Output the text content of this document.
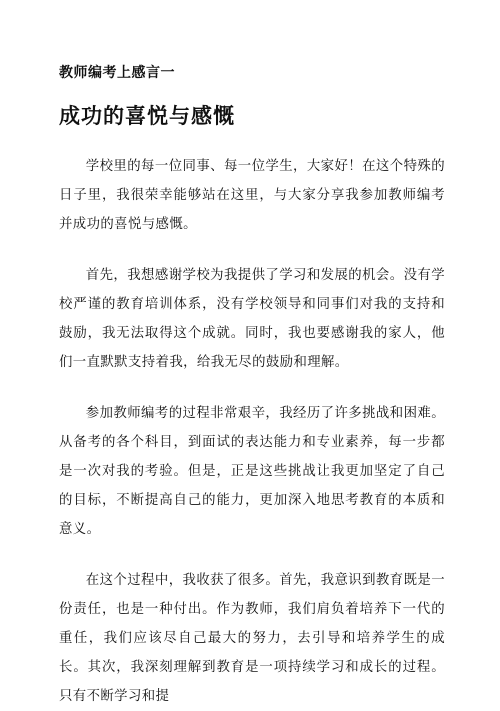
教师编考上感言一
成功的喜悦与感慨

学校里的每一位同事、每一位学生，大家好！在这个特殊的日子里，我很荣幸能够站在这里，与大家分享我参加教师编考并成功的喜悦与感慨。

首先，我想感谢学校为我提供了学习和发展的机会。没有学校严谨的教育培训体系，没有学校领导和同事们对我的支持和鼓励，我无法取得这个成就。同时，我也要感谢我的家人，他们一直默默支持着我，给我无尽的鼓励和理解。

参加教师编考的过程非常艰辛，我经历了许多挑战和困难。从备考的各个科目，到面试的表达能力和专业素养，每一步都是一次对我的考验。但是，正是这些挑战让我更加坚定了自己的目标，不断提高自己的能力，更加深入地思考教育的本质和意义。

在这个过程中，我收获了很多。首先，我意识到教育既是一份责任，也是一种付出。作为教师，我们肩负着培养下一代的重任，我们应该尽自己最大的努力，去引导和培养学生的成长。其次，我深刻理解到教育是一项持续学习和成长的过程。只有不断学习和提
